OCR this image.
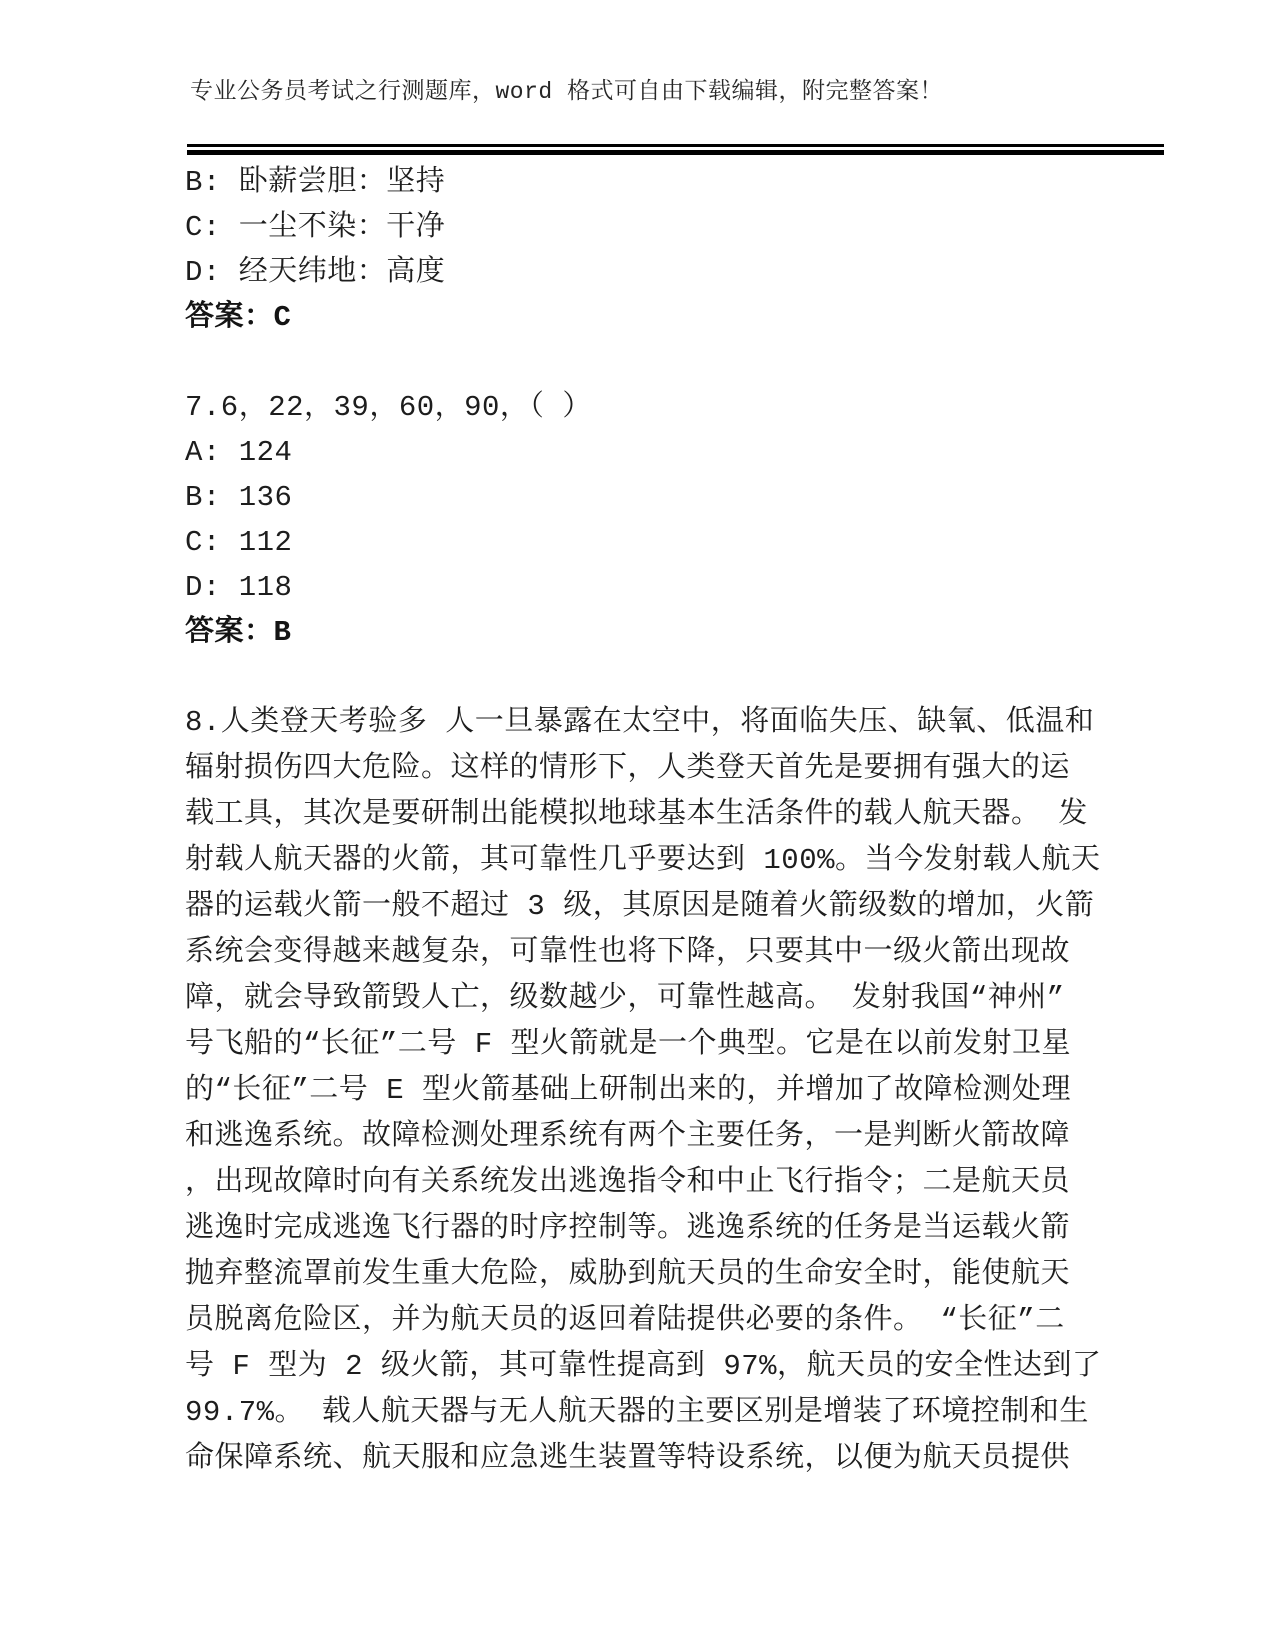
专业公务员考试之行测题库，word 格式可自由下载编辑，附完整答案！
B: 卧薪尝胆：坚持
C: 一尘不染：干净
D: 经天纬地：高度
答案：C
7.6，22，39，60，90，（ ）
A: 124
B: 136
C: 112
D: 118
答案：B
8.人类登天考验多 人一旦暴露在太空中，将面临失压、缺氧、低温和
辐射损伤四大危险。这样的情形下，人类登天首先是要拥有强大的运
载工具，其次是要研制出能模拟地球基本生活条件的载人航天器。 发
射载人航天器的火箭，其可靠性几乎要达到 100%。当今发射载人航天
器的运载火箭一般不超过 3 级，其原因是随着火箭级数的增加，火箭
系统会变得越来越复杂，可靠性也将下降，只要其中一级火箭出现故
障，就会导致箭毁人亡，级数越少，可靠性越高。 发射我国“神州”
号飞船的“长征”二号 F 型火箭就是一个典型。它是在以前发射卫星
的“长征”二号 E 型火箭基础上研制出来的，并增加了故障检测处理
和逃逸系统。故障检测处理系统有两个主要任务，一是判断火箭故障
，出现故障时向有关系统发出逃逸指令和中止飞行指令；二是航天员
逃逸时完成逃逸飞行器的时序控制等。逃逸系统的任务是当运载火箭
抛弃整流罩前发生重大危险，威胁到航天员的生命安全时，能使航天
员脱离危险区，并为航天员的返回着陆提供必要的条件。 “长征”二
号 F 型为 2 级火箭，其可靠性提高到 97%，航天员的安全性达到了
99.7%。 载人航天器与无人航天器的主要区别是增装了环境控制和生
命保障系统、航天服和应急逃生装置等特设系统，以便为航天员提供
